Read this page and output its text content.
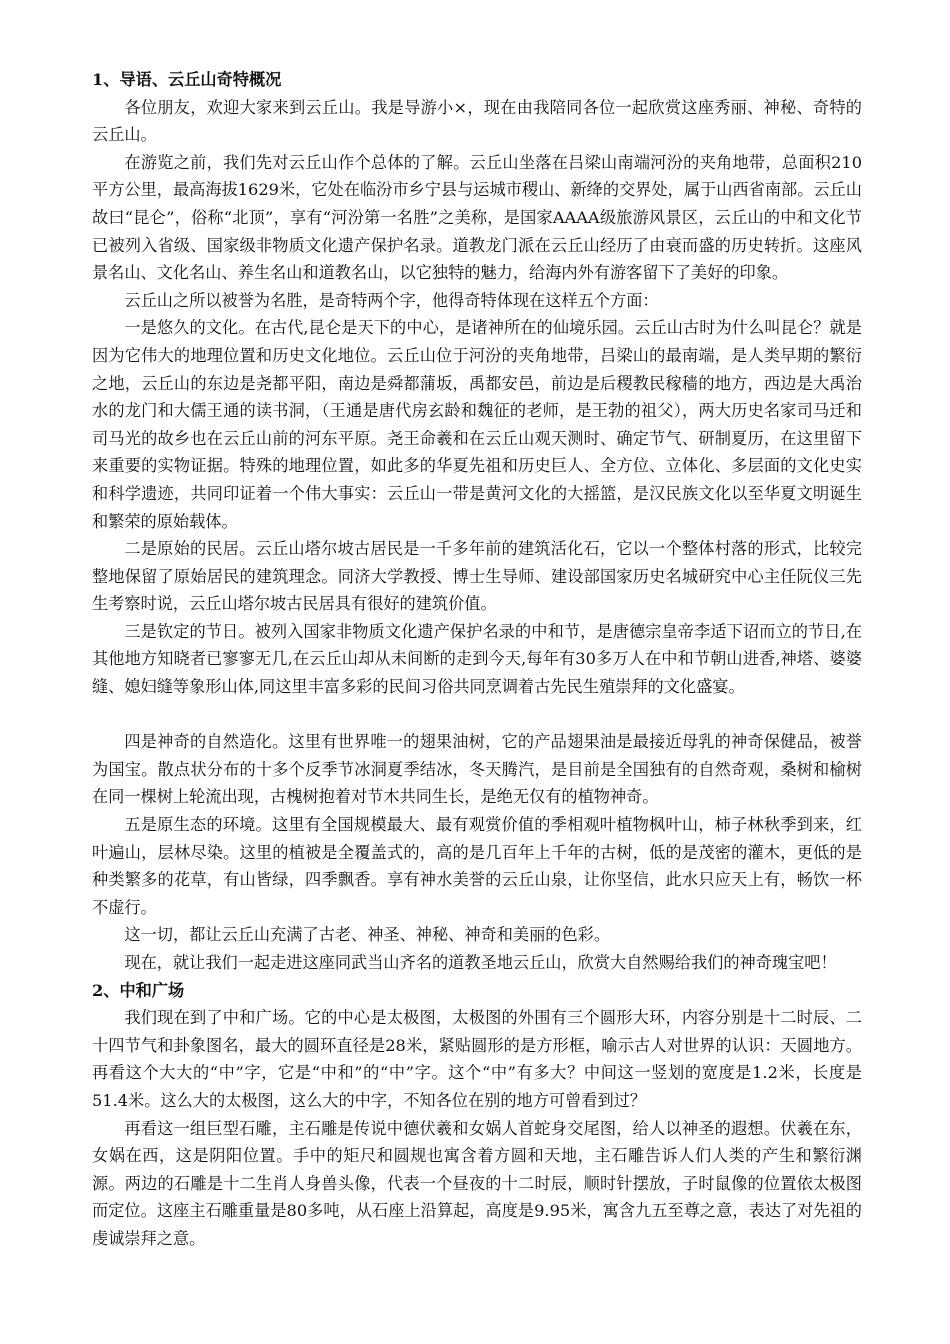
1、导语、云丘山奇特概况

各位朋友，欢迎大家来到云丘山。我是导游小×，现在由我陪同各位一起欣赏这座秀丽、神秘、奇特的云丘山。

在游览之前，我们先对云丘山作个总体的了解。云丘山坐落在吕梁山南端河汾的夹角地带，总面积210平方公里，最高海拔1629米，它处在临汾市乡宁县与运城市稷山、新绛的交界处，属于山西省南部。云丘山故曰“昆仑”，俗称“北顶”，享有“河汾第一名胜”之美称，是国家AAAA级旅游风景区，云丘山的中和文化节已被列入省级、国家级非物质文化遗产保护名录。道教龙门派在云丘山经历了由衰而盛的历史转折。这座风景名山、文化名山、养生名山和道教名山，以它独特的魅力，给海内外有游客留下了美好的印象。

云丘山之所以被誉为名胜，是奇特两个字，他得奇特体现在这样五个方面：

一是悠久的文化。在古代,昆仑是天下的中心，是诸神所在的仙境乐园。云丘山古时为什么叫昆仑？就是因为它伟大的地理位置和历史文化地位。云丘山位于河汾的夹角地带，吕梁山的最南端，是人类早期的繁衍之地，云丘山的东边是尧都平阳，南边是舜都蒲坂，禹都安邑，前边是后稷教民稼穑的地方，西边是大禹治水的龙门和大儒王通的读书洞，（王通是唐代房玄龄和魏征的老师，是王勃的祖父），两大历史名家司马迁和司马光的故乡也在云丘山前的河东平原。尧王命羲和在云丘山观天测时、确定节气、研制夏历，在这里留下来重要的实物证据。特殊的地理位置，如此多的华夏先祖和历史巨人、全方位、立体化、多层面的文化史实和科学遗迹，共同印证着一个伟大事实：云丘山一带是黄河文化的大摇篮，是汉民族文化以至华夏文明诞生和繁荣的原始载体。

二是原始的民居。云丘山塔尔坡古居民是一千多年前的建筑活化石，它以一个整体村落的形式，比较完整地保留了原始居民的建筑理念。同济大学教授、博士生导师、建设部国家历史名城研究中心主任阮仪三先生考察时说，云丘山塔尔坡古民居具有很好的建筑价值。

三是钦定的节日。被列入国家非物质文化遗产保护名录的中和节，是唐德宗皇帝李适下诏而立的节日,在其他地方知晓者已寥寥无几,在云丘山却从未间断的走到今天,每年有30多万人在中和节朝山进香,神塔、婆婆缝、媳妇缝等象形山体,同这里丰富多彩的民间习俗共同烹调着古先民生殖崇拜的文化盛宴。

四是神奇的自然造化。这里有世界唯一的翅果油树，它的产品翅果油是最接近母乳的神奇保健品，被誉为国宝。散点状分布的十多个反季节冰洞夏季结冰，冬天腾汽，是目前是全国独有的自然奇观，桑树和榆树在同一棵树上轮流出现，古槐树抱着对节木共同生长，是绝无仅有的植物神奇。

五是原生态的环境。这里有全国规模最大、最有观赏价值的季相观叶植物枫叶山，柿子林秋季到来，红叶遍山，层林尽染。这里的植被是全覆盖式的，高的是几百年上千年的古树，低的是茂密的灌木，更低的是种类繁多的花草，有山皆绿，四季飘香。享有神水美誉的云丘山泉，让你坚信，此水只应天上有，畅饮一杯不虚行。

这一切，都让云丘山充满了古老、神圣、神秘、神奇和美丽的色彩。

现在，就让我们一起走进这座同武当山齐名的道教圣地云丘山，欣赏大自然赐给我们的神奇瑰宝吧！

2、中和广场

我们现在到了中和广场。它的中心是太极图，太极图的外围有三个圆形大环，内容分别是十二时辰、二十四节气和卦象图名，最大的圆环直径是28米，紧贴圆形的是方形框，喻示古人对世界的认识：天圆地方。再看这个大大的“中”字，它是“中和”的“中”字。这个“中”有多大？中间这一竖划的宽度是1.2米，长度是51.4米。这么大的太极图，这么大的中字，不知各位在别的地方可曾看到过？

再看这一组巨型石雕，主石雕是传说中德伏羲和女娲人首蛇身交尾图，给人以神圣的遐想。伏羲在东，女娲在西，这是阴阳位置。手中的矩尺和圆规也寓含着方圆和天地，主石雕告诉人们人类的产生和繁衍渊源。两边的石雕是十二生肖人身兽头像，代表一个昼夜的十二时辰，顺时针摆放，子时鼠像的位置依太极图而定位。这座主石雕重量是80多吨，从石座上沿算起，高度是9.95米，寓含九五至尊之意，表达了对先祖的虔诚崇拜之意。
